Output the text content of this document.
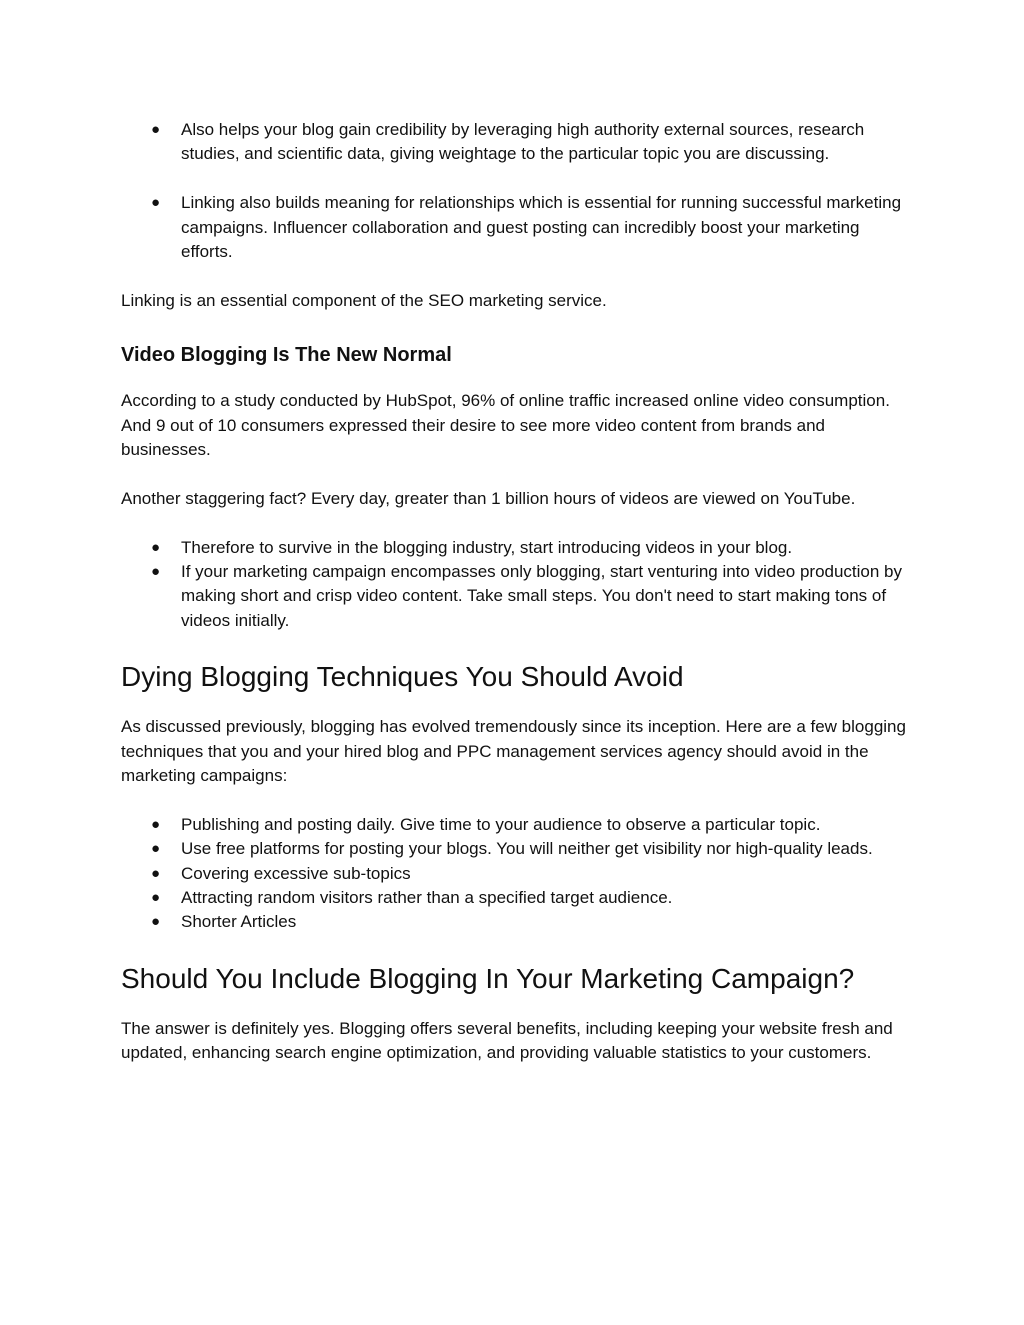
● Also helps your blog gain credibility by leveraging high authority external sources, research studies, and scientific data, giving weightage to the particular topic you are discussing.
● Linking also builds meaning for relationships which is essential for running successful marketing campaigns. Influencer collaboration and guest posting can incredibly boost your marketing efforts.

Linking is an essential component of the SEO marketing service.

Video Blogging Is The New Normal

According to a study conducted by HubSpot, 96% of online traffic increased online video consumption. And 9 out of 10 consumers expressed their desire to see more video content from brands and businesses.

Another staggering fact? Every day, greater than 1 billion hours of videos are viewed on YouTube.

● Therefore to survive in the blogging industry, start introducing videos in your blog.
● If your marketing campaign encompasses only blogging, start venturing into video production by making short and crisp video content. Take small steps. You don't need to start making tons of videos initially.
Dying Blogging Techniques You Should Avoid

As discussed previously, blogging has evolved tremendously since its inception. Here are a few blogging techniques that you and your hired blog and PPC management services agency should avoid in the marketing campaigns:

● Publishing and posting daily. Give time to your audience to observe a particular topic.
● Use free platforms for posting your blogs. You will neither get visibility nor high-quality leads.
● Covering excessive sub-topics
● Attracting random visitors rather than a specified target audience.
● Shorter Articles
Should You Include Blogging In Your Marketing Campaign?

The answer is definitely yes. Blogging offers several benefits, including keeping your website fresh and updated, enhancing search engine optimization, and providing valuable statistics to your customers.
